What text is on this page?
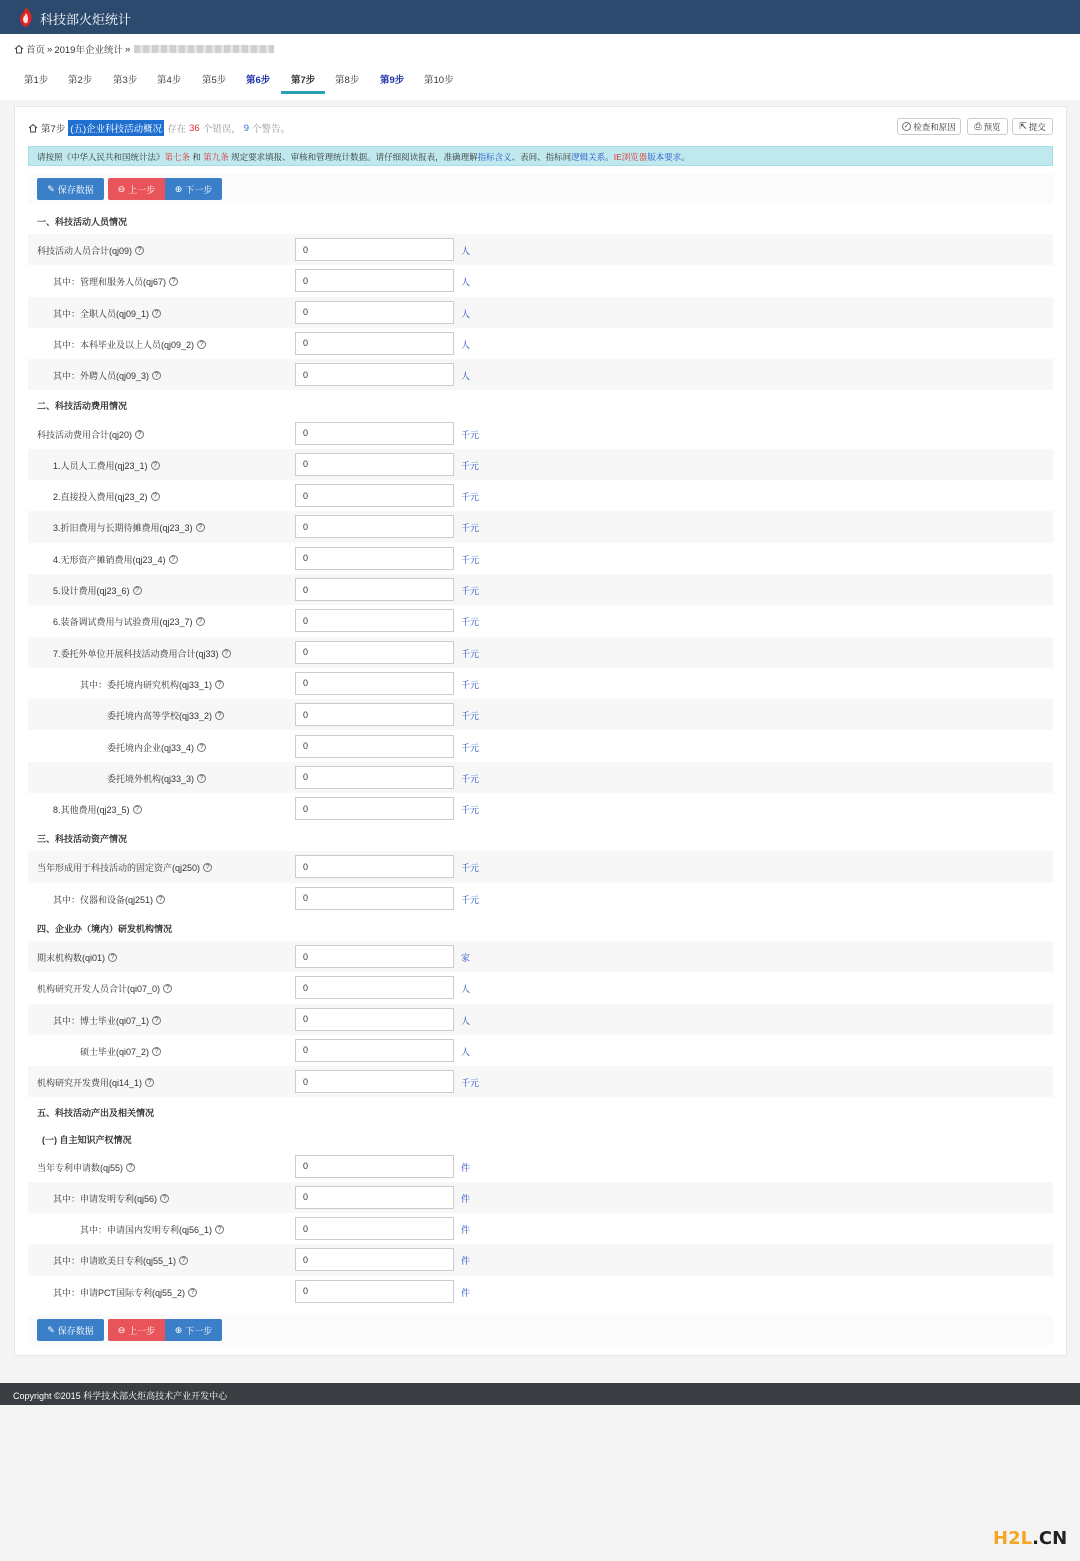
科技部火炬统计
首页 » 2019年企业统计 »
第1步 第2步 第3步 第4步 第5步 第6步 第7步 第8步 第9步 第10步
第7步 (五)企业科技活动概况 存在 36 个错误， 9 个警告。	✓ 检查和原因 ⎙ 预览 ⇱ 提交
请按照《中华人民共和国统计法》第七条 和 第九条 规定要求填报、审核和管理统计数据。请仔细阅读报表，准确理解指标含义、表间、指标间逻辑关系。IE浏览器版本要求。
✎ 保存数据	⊖ 上一步 ⊕ 下一步
一、科技活动人员情况
科技活动人员合计(qj09) ?
0	人
其中：管理和服务人员(qj67) ?
0	人
其中：全职人员(qj09_1) ?
0	人
其中：本科毕业及以上人员(qj09_2) ?
0	人
其中：外聘人员(qj09_3) ?
0	人
二、科技活动费用情况
科技活动费用合计(qj20) ?
0	千元
1.人员人工费用(qj23_1) ?
0	千元
2.直接投入费用(qj23_2) ?
0	千元
3.折旧费用与长期待摊费用(qj23_3) ?
0	千元
4.无形资产摊销费用(qj23_4) ?
0	千元
5.设计费用(qj23_6) ?
0	千元
6.装备调试费用与试验费用(qj23_7) ?
0	千元
7.委托外单位开展科技活动费用合计(qj33) ?
0	千元
其中：委托境内研究机构(qj33_1) ?
0	千元
委托境内高等学校(qj33_2) ?
0	千元
委托境内企业(qj33_4) ?
0	千元
委托境外机构(qj33_3) ?
0	千元
8.其他费用(qj23_5) ?
0	千元
三、科技活动资产情况
当年形成用于科技活动的固定资产(qj250) ?
0	千元
其中：仪器和设备(qj251) ?
0	千元
四、企业办（境内）研发机构情况
期末机构数(qi01) ?
0	家
机构研究开发人员合计(qi07_0) ?
0	人
其中：博士毕业(qi07_1) ?
0	人
硕士毕业(qi07_2) ?
0	人
机构研究开发费用(qi14_1) ?
0	千元
五、科技活动产出及相关情况
(一) 自主知识产权情况
当年专利申请数(qj55) ?
0	件
其中：申请发明专利(qj56) ?
0	件
其中：申请国内发明专利(qj56_1) ?
0	件
其中：申请欧美日专利(qj55_1) ?
0	件
其中：申请PCT国际专利(qj55_2) ?
0	件
✎ 保存数据	⊖ 上一步 ⊕ 下一步
Copyright ©2015 科学技术部火炬高技术产业开发中心
H2L.CN
